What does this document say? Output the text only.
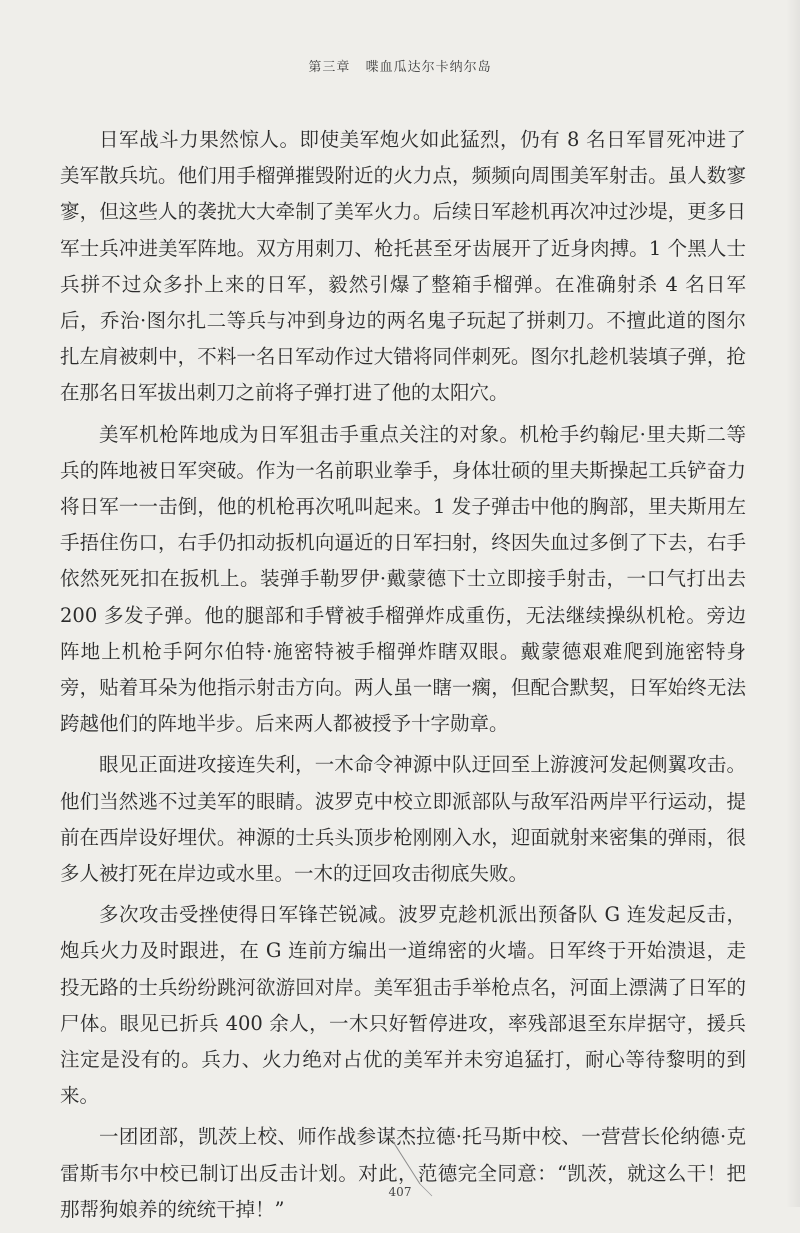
第三章 喋血瓜达尔卡纳尔岛

日军战斗力果然惊人。即使美军炮火如此猛烈，仍有 8 名日军冒死冲进了美军散兵坑。他们用手榴弹摧毁附近的火力点，频频向周围美军射击。虽人数寥寥，但这些人的袭扰大大牵制了美军火力。后续日军趁机再次冲过沙堤，更多日军士兵冲进美军阵地。双方用刺刀、枪托甚至牙齿展开了近身肉搏。1 个黑人士兵拼不过众多扑上来的日军，毅然引爆了整箱手榴弹。在准确射杀 4 名日军后，乔治·图尔扎二等兵与冲到身边的两名鬼子玩起了拼刺刀。不擅此道的图尔扎左肩被刺中，不料一名日军动作过大错将同伴刺死。图尔扎趁机装填子弹，抢在那名日军拔出刺刀之前将子弹打进了他的太阳穴。

美军机枪阵地成为日军狙击手重点关注的对象。机枪手约翰尼·里夫斯二等兵的阵地被日军突破。作为一名前职业拳手，身体壮硕的里夫斯操起工兵铲奋力将日军一一击倒，他的机枪再次吼叫起来。1 发子弹击中他的胸部，里夫斯用左手捂住伤口，右手仍扣动扳机向逼近的日军扫射，终因失血过多倒了下去，右手依然死死扣在扳机上。装弹手勒罗伊·戴蒙德下士立即接手射击，一口气打出去 200 多发子弹。他的腿部和手臂被手榴弹炸成重伤，无法继续操纵机枪。旁边阵地上机枪手阿尔伯特·施密特被手榴弹炸瞎双眼。戴蒙德艰难爬到施密特身旁，贴着耳朵为他指示射击方向。两人虽一瞎一瘸，但配合默契，日军始终无法跨越他们的阵地半步。后来两人都被授予十字勋章。

眼见正面进攻接连失利，一木命令神源中队迂回至上游渡河发起侧翼攻击。他们当然逃不过美军的眼睛。波罗克中校立即派部队与敌军沿两岸平行运动，提前在西岸设好埋伏。神源的士兵头顶步枪刚刚入水，迎面就射来密集的弹雨，很多人被打死在岸边或水里。一木的迂回攻击彻底失败。

多次攻击受挫使得日军锋芒锐减。波罗克趁机派出预备队 G 连发起反击，炮兵火力及时跟进，在 G 连前方编出一道绵密的火墙。日军终于开始溃退，走投无路的士兵纷纷跳河欲游回对岸。美军狙击手举枪点名，河面上漂满了日军的尸体。眼见已折兵 400 余人，一木只好暂停进攻，率残部退至东岸据守，援兵注定是没有的。兵力、火力绝对占优的美军并未穷追猛打，耐心等待黎明的到来。

一团团部，凯茨上校、师作战参谋杰拉德·托马斯中校、一营营长伦纳德·克雷斯韦尔中校已制订出反击计划。对此，范德完全同意：“凯茨，就这么干！把那帮狗娘养的统统干掉！”

407
